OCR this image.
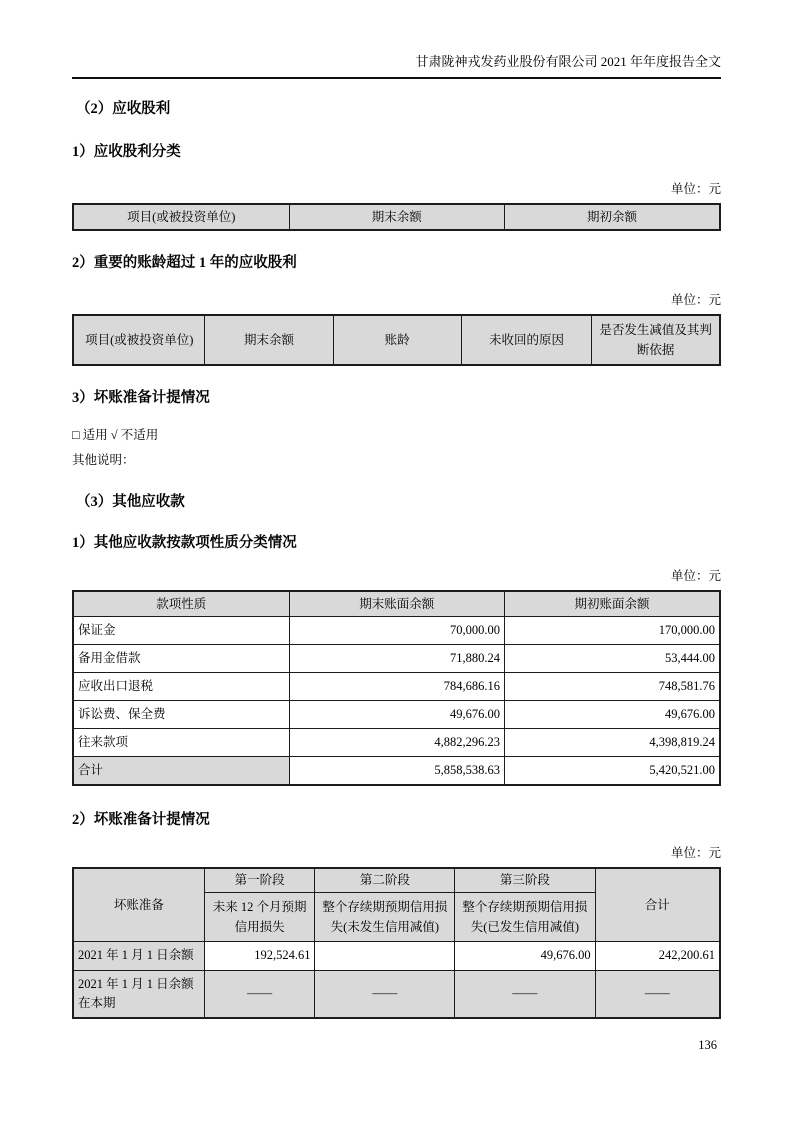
甘肃陇神戎发药业股份有限公司 2021 年年度报告全文
（2）应收股利
1）应收股利分类
单位：元
项目(或被投资单位)	期末余额	期初余额
2）重要的账龄超过 1 年的应收股利
单位：元
项目(或被投资单位)	期末余额	账龄	未收回的原因	是否发生减值及其判断依据
3）坏账准备计提情况
□ 适用 √ 不适用
其他说明：
（3）其他应收款
1）其他应收款按款项性质分类情况
单位：元
款项性质	期末账面余额	期初账面余额
保证金	70,000.00	170,000.00
备用金借款	71,880.24	53,444.00
应收出口退税	784,686.16	748,581.76
诉讼费、保全费	49,676.00	49,676.00
往来款项	4,882,296.23	4,398,819.24
合计	5,858,538.63	5,420,521.00
2）坏账准备计提情况
单位：元
坏账准备	第一阶段	第二阶段	第三阶段	合计
	未来 12 个月预期信用损失	整个存续期预期信用损失(未发生信用减值)	整个存续期预期信用损失(已发生信用减值)	
2021 年 1 月 1 日余额	192,524.61		49,676.00	242,200.61
2021 年 1 月 1 日余额在本期	——	——	——	——
136
